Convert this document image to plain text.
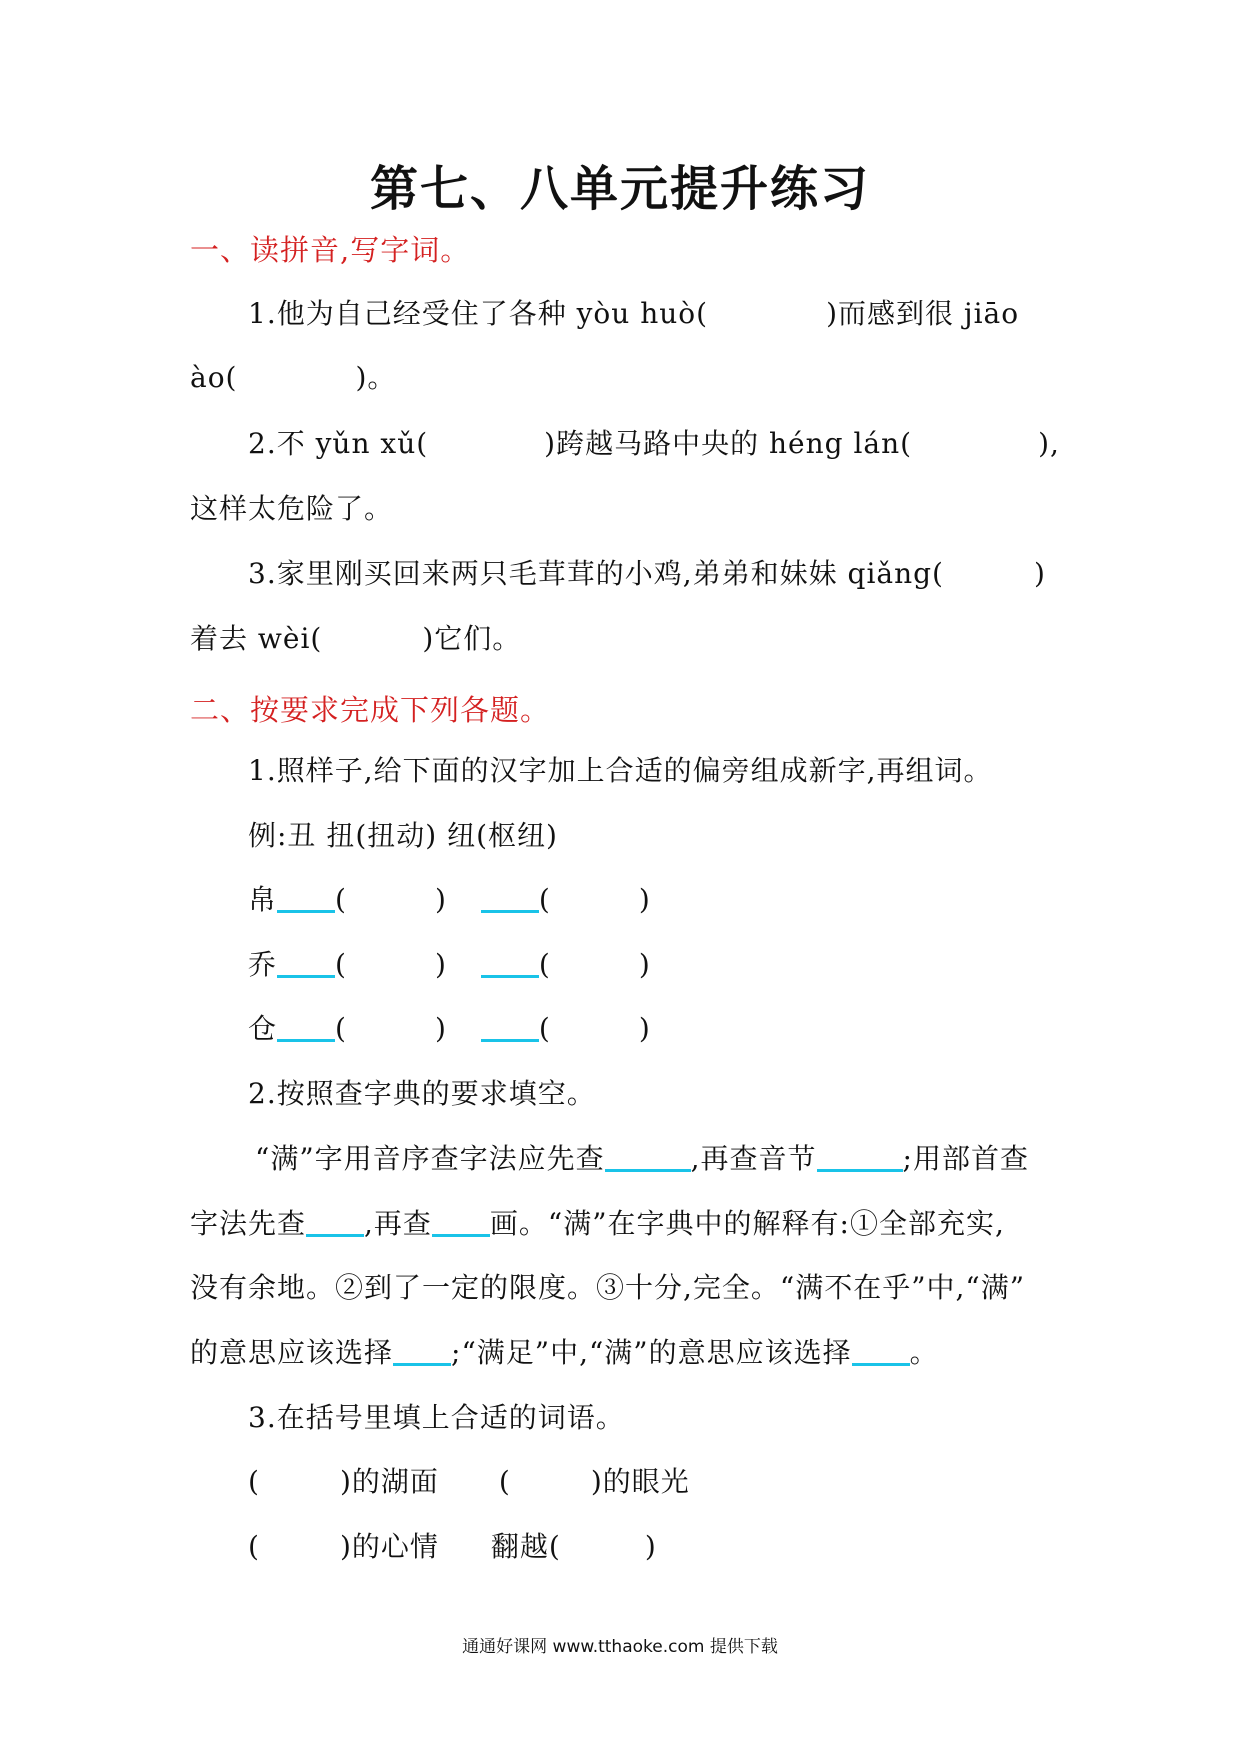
第七、八单元提升练习
一、读拼音,写字词。
1.他为自己经受住了各种 yòu huò(	)而感到很 jiāo
ào(	)。
2.不 yǔn xǔ(	)跨越马路中央的 héng lán(	),
这样太危险了。
3.家里刚买回来两只毛茸茸的小鸡,弟弟和妹妹 qiǎng(	)
着去 wèi(	)它们。
二、按要求完成下列各题。
1.照样子,给下面的汉字加上合适的偏旁组成新字,再组词。
例:丑 扭(扭动) 纽(枢纽)
帛 (	)	(	)
乔 (	)	(	)
仓 (	)	(	)
2.按照查字典的要求填空。
“满”字用音序查字法应先查	,再查音节	;用部首查
字法先查 ,再查 画。“满”在字典中的解释有:①全部充实,
没有余地。②到了一定的限度。③十分,完全。“满不在乎”中,“满”
的意思应该选择 ;“满足”中,“满”的意思应该选择 。
3.在括号里填上合适的词语。
(	)的湖面 (	)的眼光
(	)的心情 翻越(	)
通通好课网 www.tthaoke.com 提供下载
